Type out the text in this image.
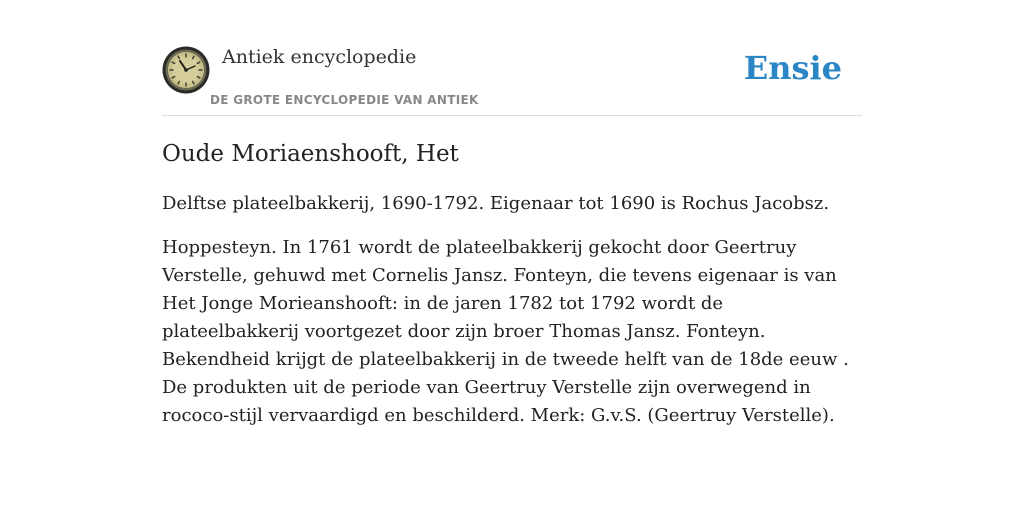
Antiek encyclopedie
DE GROTE ENCYCLOPEDIE VAN ANTIEK
Ensie
Oude Moriaenshooft, Het

Delftse plateelbakkerij, 1690-1792. Eigenaar tot 1690 is Rochus Jacobsz.

Hoppesteyn. In 1761 wordt de plateelbakkerij gekocht door Geertruy Verstelle, gehuwd met Cornelis Jansz. Fonteyn, die tevens eigenaar is van Het Jonge Morieanshooft: in de jaren 1782 tot 1792 wordt de plateelbakkerij voortgezet door zijn broer Thomas Jansz. Fonteyn. Bekendheid krijgt de plateelbakkerij in de tweede helft van de 18de eeuw . De produkten uit de periode van Geertruy Verstelle zijn overwegend in rococo-stijl vervaardigd en beschilderd. Merk: G.v.S. (Geertruy Verstelle).
